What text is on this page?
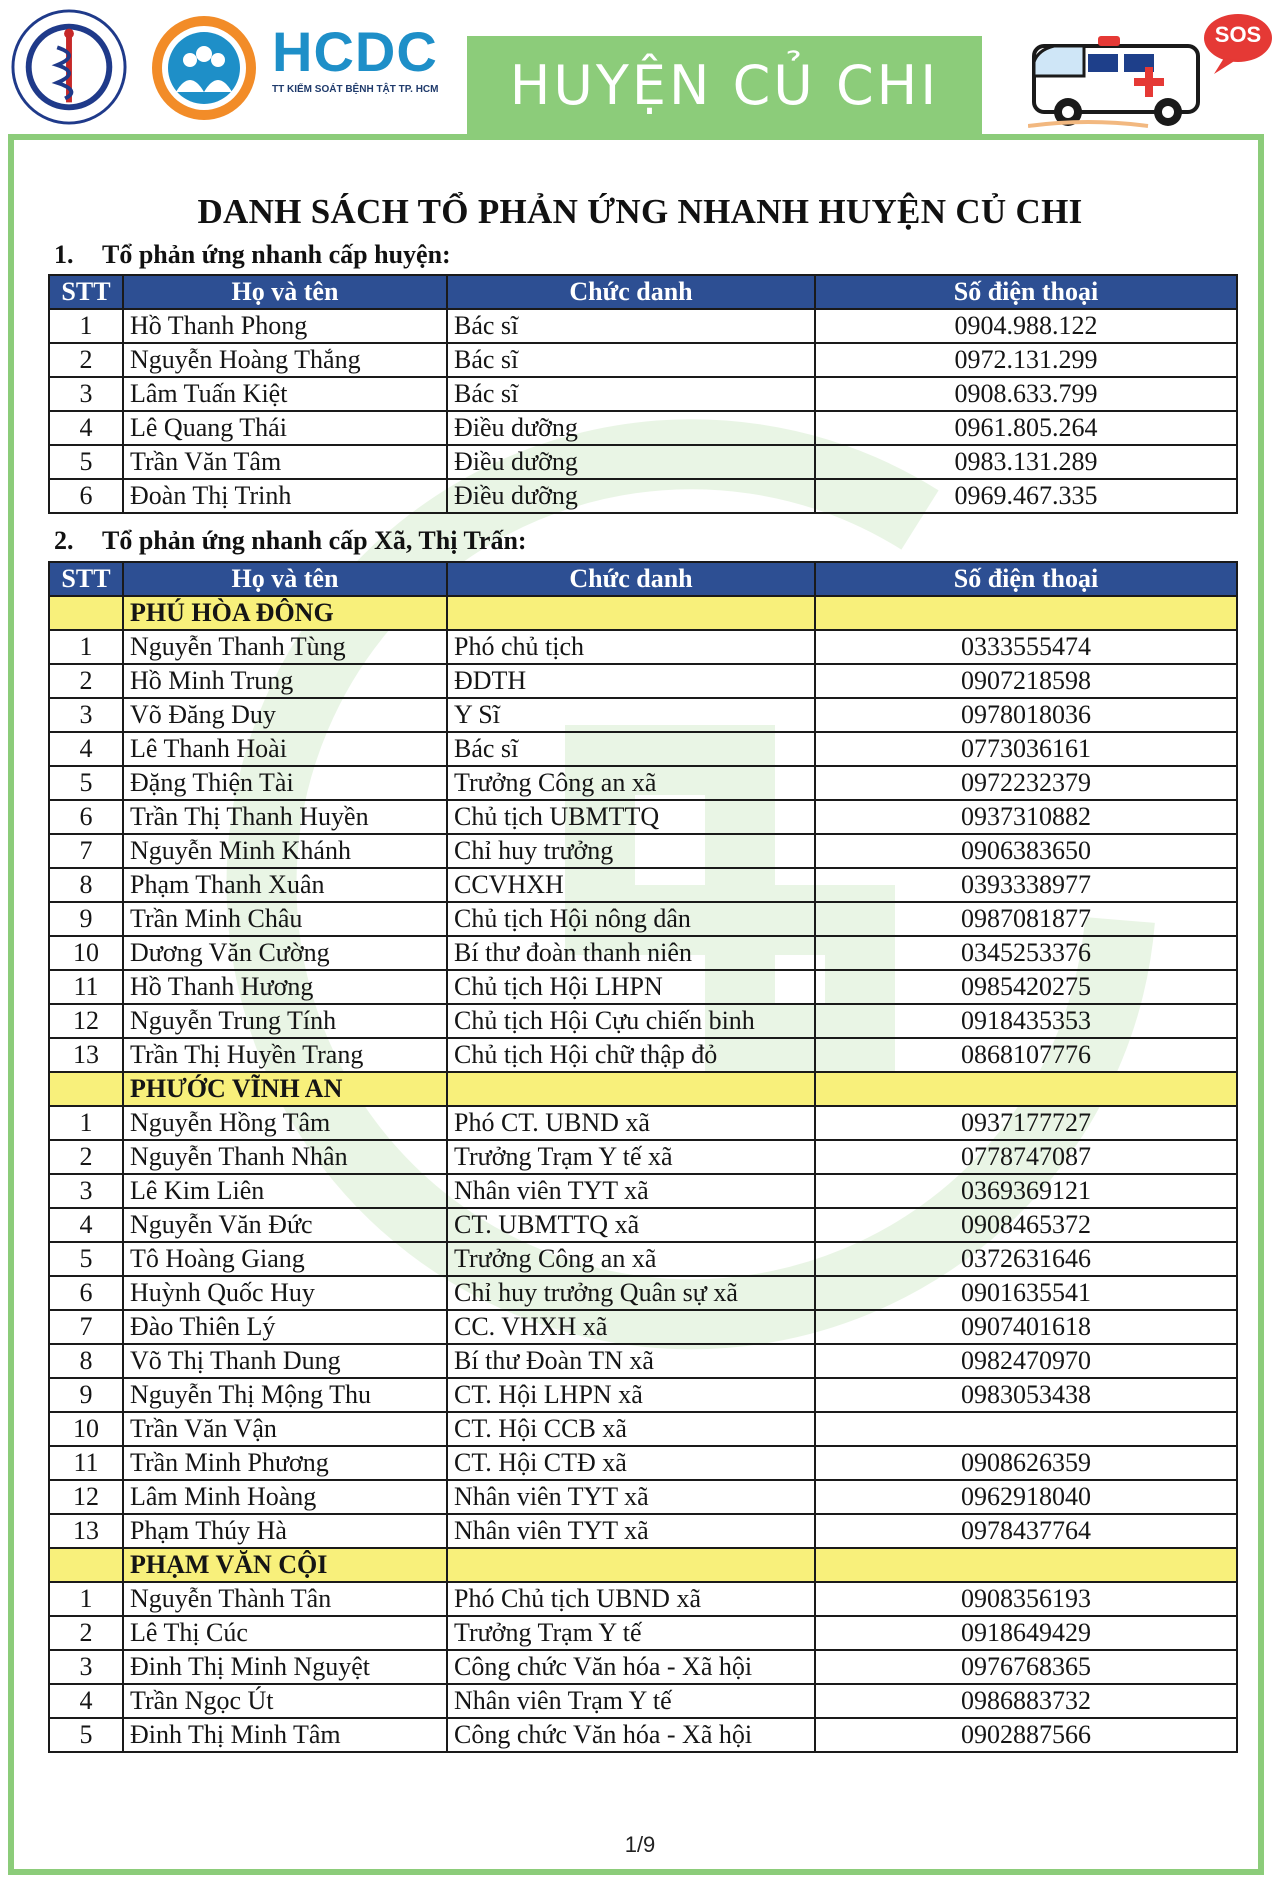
HCDC
TT KIỂM SOÁT BỆNH TẬT TP. HCM	HUYỆN CỦ CHI
SOS
DANH SÁCH TỔ PHẢN ỨNG NHANH HUYỆN CỦ CHI
1. Tổ phản ứng nhanh cấp huyện:
STT	Họ và tên	Chức danh	Số điện thoại
1	Hồ Thanh Phong	Bác sĩ	0904.988.122
2	Nguyễn Hoàng Thắng	Bác sĩ	0972.131.299
3	Lâm Tuấn Kiệt	Bác sĩ	0908.633.799
4	Lê Quang Thái	Điều dưỡng	0961.805.264
5	Trần Văn Tâm	Điều dưỡng	0983.131.289
6	Đoàn Thị Trinh	Điều dưỡng	0969.467.335
2. Tổ phản ứng nhanh cấp Xã, Thị Trấn:
STT	Họ và tên	Chức danh	Số điện thoại
	PHÚ HÒA ĐÔNG		
1	Nguyễn Thanh Tùng	Phó chủ tịch	0333555474
2	Hồ Minh Trung	ĐDTH	0907218598
3	Võ Đăng Duy	Y Sĩ	0978018036
4	Lê Thanh Hoài	Bác sĩ	0773036161
5	Đặng Thiện Tài	Trưởng Công an xã	0972232379
6	Trần Thị Thanh Huyền	Chủ tịch UBMTTQ	0937310882
7	Nguyễn Minh Khánh	Chỉ huy trưởng	0906383650
8	Phạm Thanh Xuân	CCVHXH	0393338977
9	Trần Minh Châu	Chủ tịch Hội nông dân	0987081877
10	Dương Văn Cường	Bí thư đoàn thanh niên	0345253376
11	Hồ Thanh Hương	Chủ tịch Hội LHPN	0985420275
12	Nguyễn Trung Tính	Chủ tịch Hội Cựu chiến binh	0918435353
13	Trần Thị Huyền Trang	Chủ tịch Hội chữ thập đỏ	0868107776
	PHƯỚC VĨNH AN		
1	Nguyễn Hồng Tâm	Phó CT. UBND xã	0937177727
2	Nguyễn Thanh Nhân	Trưởng Trạm Y tế xã	0778747087
3	Lê Kim Liên	Nhân viên TYT xã	0369369121
4	Nguyễn Văn Đức	CT. UBMTTQ xã	0908465372
5	Tô Hoàng Giang	Trưởng Công an xã	0372631646
6	Huỳnh Quốc Huy	Chỉ huy trưởng Quân sự xã	0901635541
7	Đào Thiên Lý	CC. VHXH xã	0907401618
8	Võ Thị Thanh Dung	Bí thư Đoàn TN xã	0982470970
9	Nguyễn Thị Mộng Thu	CT. Hội LHPN xã	0983053438
10	Trần Văn Vận	CT. Hội CCB xã	
11	Trần Minh Phương	CT. Hội CTĐ xã	0908626359
12	Lâm Minh Hoàng	Nhân viên TYT xã	0962918040
13	Phạm Thúy Hà	Nhân viên TYT xã	0978437764
	PHẠM VĂN CỘI		
1	Nguyễn Thành Tân	Phó Chủ tịch UBND xã	0908356193
2	Lê Thị Cúc	Trưởng Trạm Y tế	0918649429
3	Đinh Thị Minh Nguyệt	Công chức Văn hóa - Xã hội	0976768365
4	Trần Ngọc Út	Nhân viên Trạm Y tế	0986883732
5	Đinh Thị Minh Tâm	Công chức Văn hóa - Xã hội	0902887566
1/9
